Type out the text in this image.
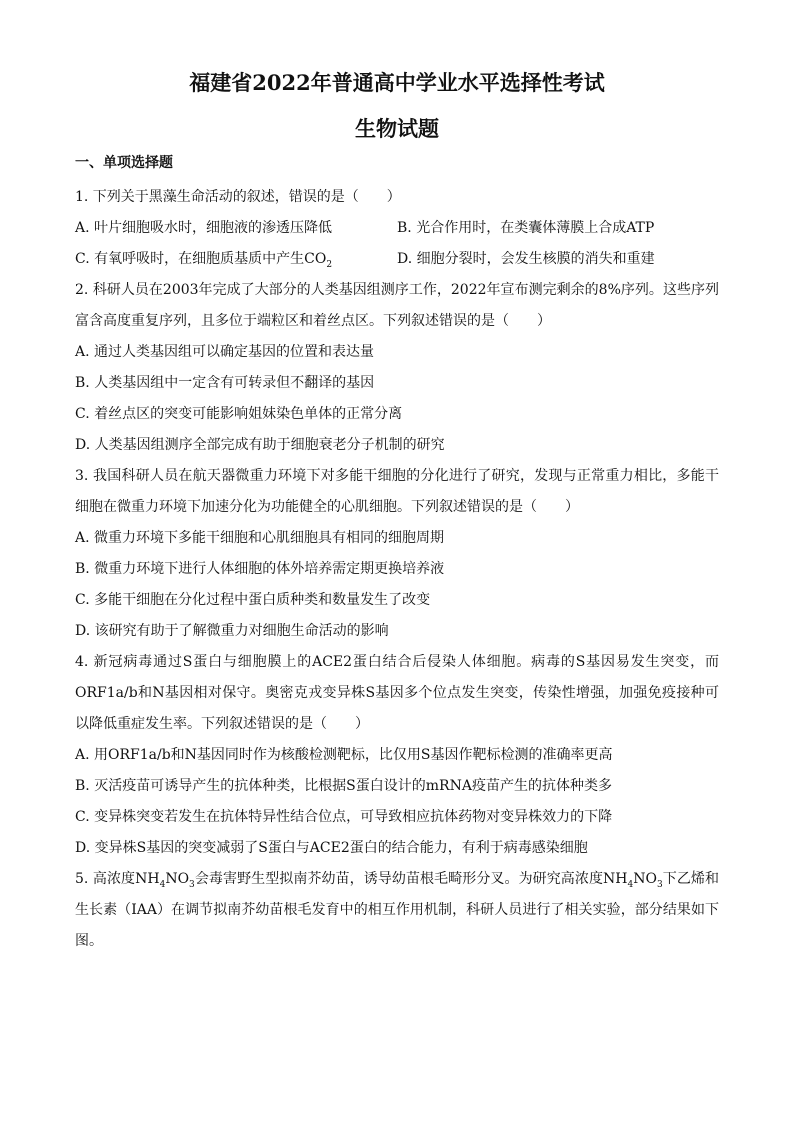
福建省2022年普通高中学业水平选择性考试
生物试题
一、单项选择题

1. 下列关于黑藻生命活动的叙述，错误的是（　　）

A. 叶片细胞吸水时，细胞液的渗透压降低	B. 光合作用时，在类囊体薄膜上合成ATP
C. 有氧呼吸时，在细胞质基质中产生$CO_2$	D. 细胞分裂时，会发生核膜的消失和重建

2. 科研人员在2003年完成了大部分的人类基因组测序工作，2022年宣布测完剩余的8%序列。这些序列富含高度重复序列，且多位于端粒区和着丝点区。下列叙述错误的是（　　）

A. 通过人类基因组可以确定基因的位置和表达量

B. 人类基因组中一定含有可转录但不翻译的基因

C. 着丝点区的突变可能影响姐妹染色单体的正常分离

D. 人类基因组测序全部完成有助于细胞衰老分子机制的研究

3. 我国科研人员在航天器微重力环境下对多能干细胞的分化进行了研究，发现与正常重力相比，多能干细胞在微重力环境下加速分化为功能健全的心肌细胞。下列叙述错误的是（　　）

A. 微重力环境下多能干细胞和心肌细胞具有相同的细胞周期

B. 微重力环境下进行人体细胞的体外培养需定期更换培养液

C. 多能干细胞在分化过程中蛋白质种类和数量发生了改变

D. 该研究有助于了解微重力对细胞生命活动的影响

4. 新冠病毒通过S蛋白与细胞膜上的ACE2蛋白结合后侵染人体细胞。病毒的S基因易发生突变，而ORF1a/b和N基因相对保守。奥密克戎变异株S基因多个位点发生突变，传染性增强，加强免疫接种可以降低重症发生率。下列叙述错误的是（　　）

A. 用ORF1a/b和N基因同时作为核酸检测靶标，比仅用S基因作靶标检测的准确率更高

B. 灭活疫苗可诱导产生的抗体种类，比根据S蛋白设计的mRNA疫苗产生的抗体种类多

C. 变异株突变若发生在抗体特异性结合位点，可导致相应抗体药物对变异株效力的下降

D. 变异株S基因的突变减弱了S蛋白与ACE2蛋白的结合能力，有利于病毒感染细胞

5. 高浓度$NH_4NO_3$会毒害野生型拟南芥幼苗，诱导幼苗根毛畸形分叉。为研究高浓度$NH_4NO_3$下乙烯和生长素（IAA）在调节拟南芥幼苗根毛发育中的相互作用机制，科研人员进行了相关实验，部分结果如下图。
